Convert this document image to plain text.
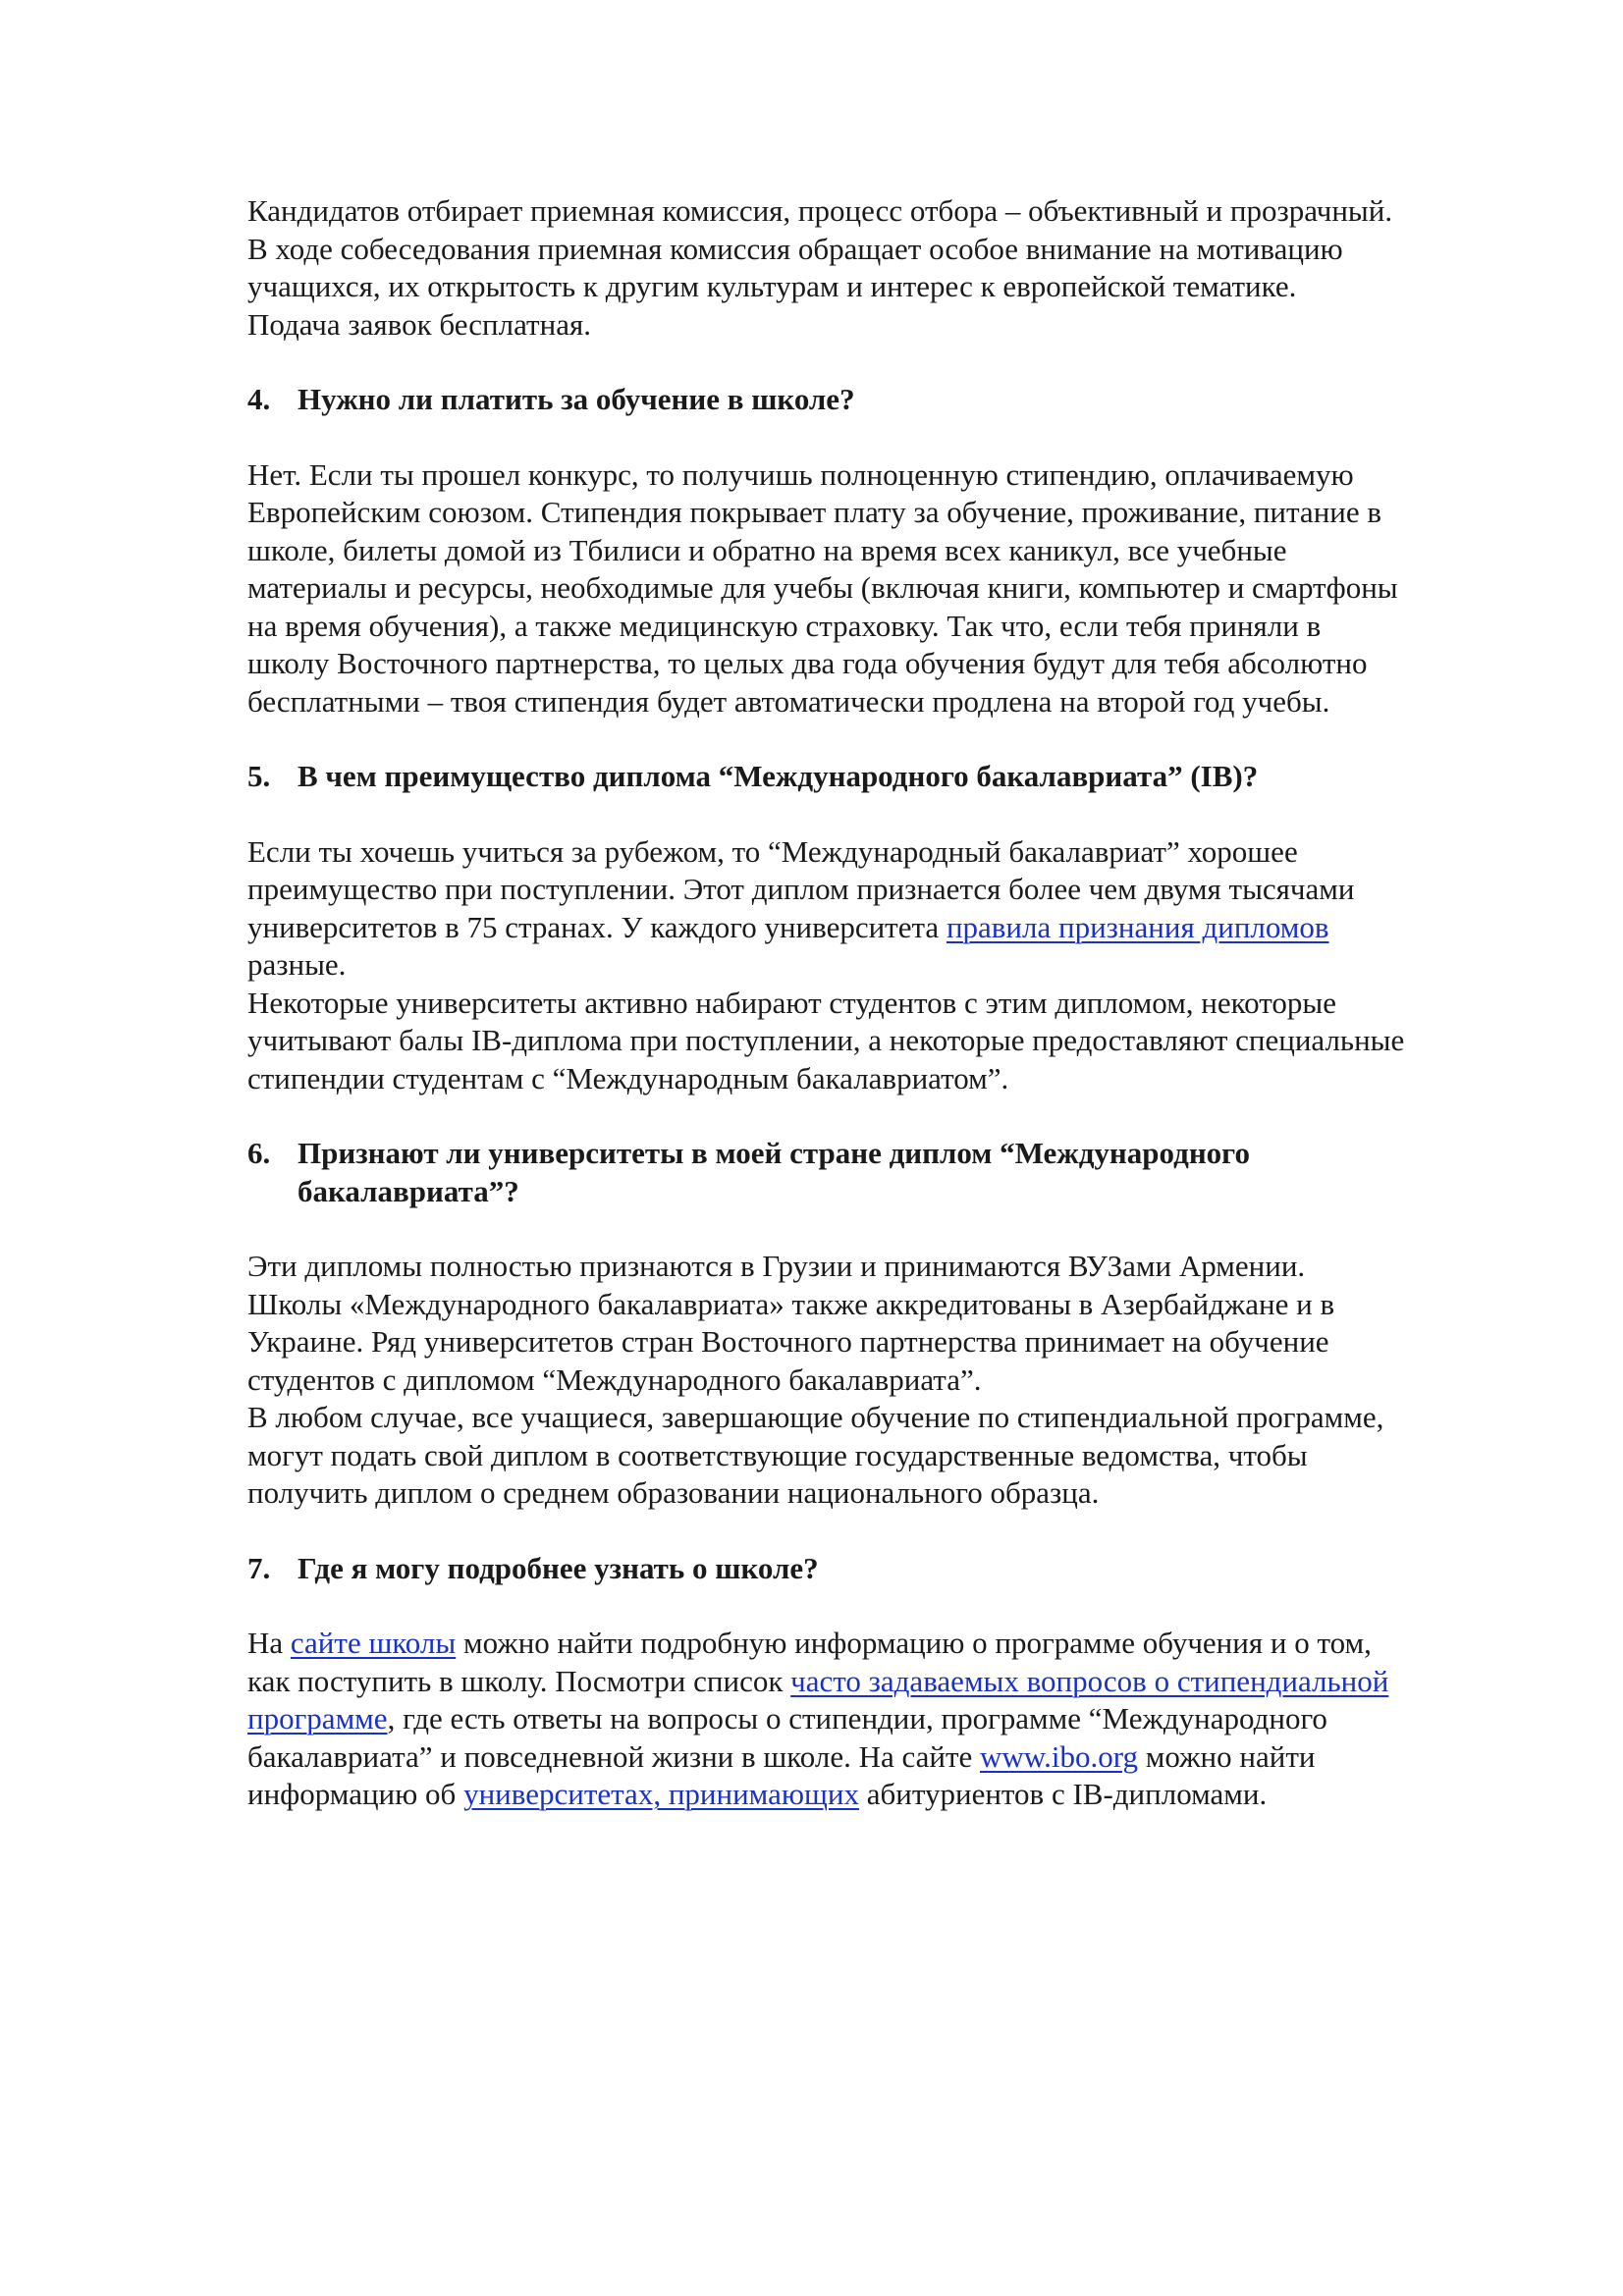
Кандидатов отбирает приемная комиссия, процесс отбора – объективный и прозрачный. В ходе собеседования приемная комиссия обращает особое внимание на мотивацию учащихся, их открытость к другим культурам и интерес к европейской тематике.

Подача заявок бесплатная.

4. Нужно ли платить за обучение в школе?

Нет. Если ты прошел конкурс, то получишь полноценную стипендию, оплачиваемую Европейским союзом. Стипендия покрывает плату за обучение, проживание, питание в школе, билеты домой из Тбилиси и обратно на время всех каникул, все учебные материалы и ресурсы, необходимые для учебы (включая книги, компьютер и смартфоны на время обучения), а также медицинскую страховку. Так что, если тебя приняли в школу Восточного партнерства, то целых два года обучения будут для тебя абсолютно бесплатными – твоя стипендия будет автоматически продлена на второй год учебы.

5. В чем преимущество диплома “Международного бакалавриата” (IB)?

Если ты хочешь учиться за рубежом, то “Международный бакалавриат” хорошее преимущество при поступлении. Этот диплом признается более чем двумя тысячами университетов в 75 странах. У каждого университета правила признания дипломов разные.

Некоторые университеты активно набирают студентов с этим дипломом, некоторые учитывают балы IB-диплома при поступлении, а некоторые предоставляют специальные стипендии студентам с “Международным бакалавриатом”.

6. Признают ли университеты в моей стране диплом “Международного бакалавриата”?

Эти дипломы полностью признаются в Грузии и принимаются ВУЗами Армении. Школы «Международного бакалавриата» также аккредитованы в Азербайджане и в Украине. Ряд университетов стран Восточного партнерства принимает на обучение студентов с дипломом “Международного бакалавриата”.

В любом случае, все учащиеся, завершающие обучение по стипендиальной программе, могут подать свой диплом в соответствующие государственные ведомства, чтобы получить диплом о среднем образовании национального образца.

7. Где я могу подробнее узнать о школе?

На сайте школы можно найти подробную информацию о программе обучения и о том, как поступить в школу. Посмотри список часто задаваемых вопросов о стипендиальной программе, где есть ответы на вопросы о стипендии, программе “Международного бакалавриата” и повседневной жизни в школе. На сайте www.ibo.org можно найти информацию об университетах, принимающих абитуриентов с IB-дипломами.
